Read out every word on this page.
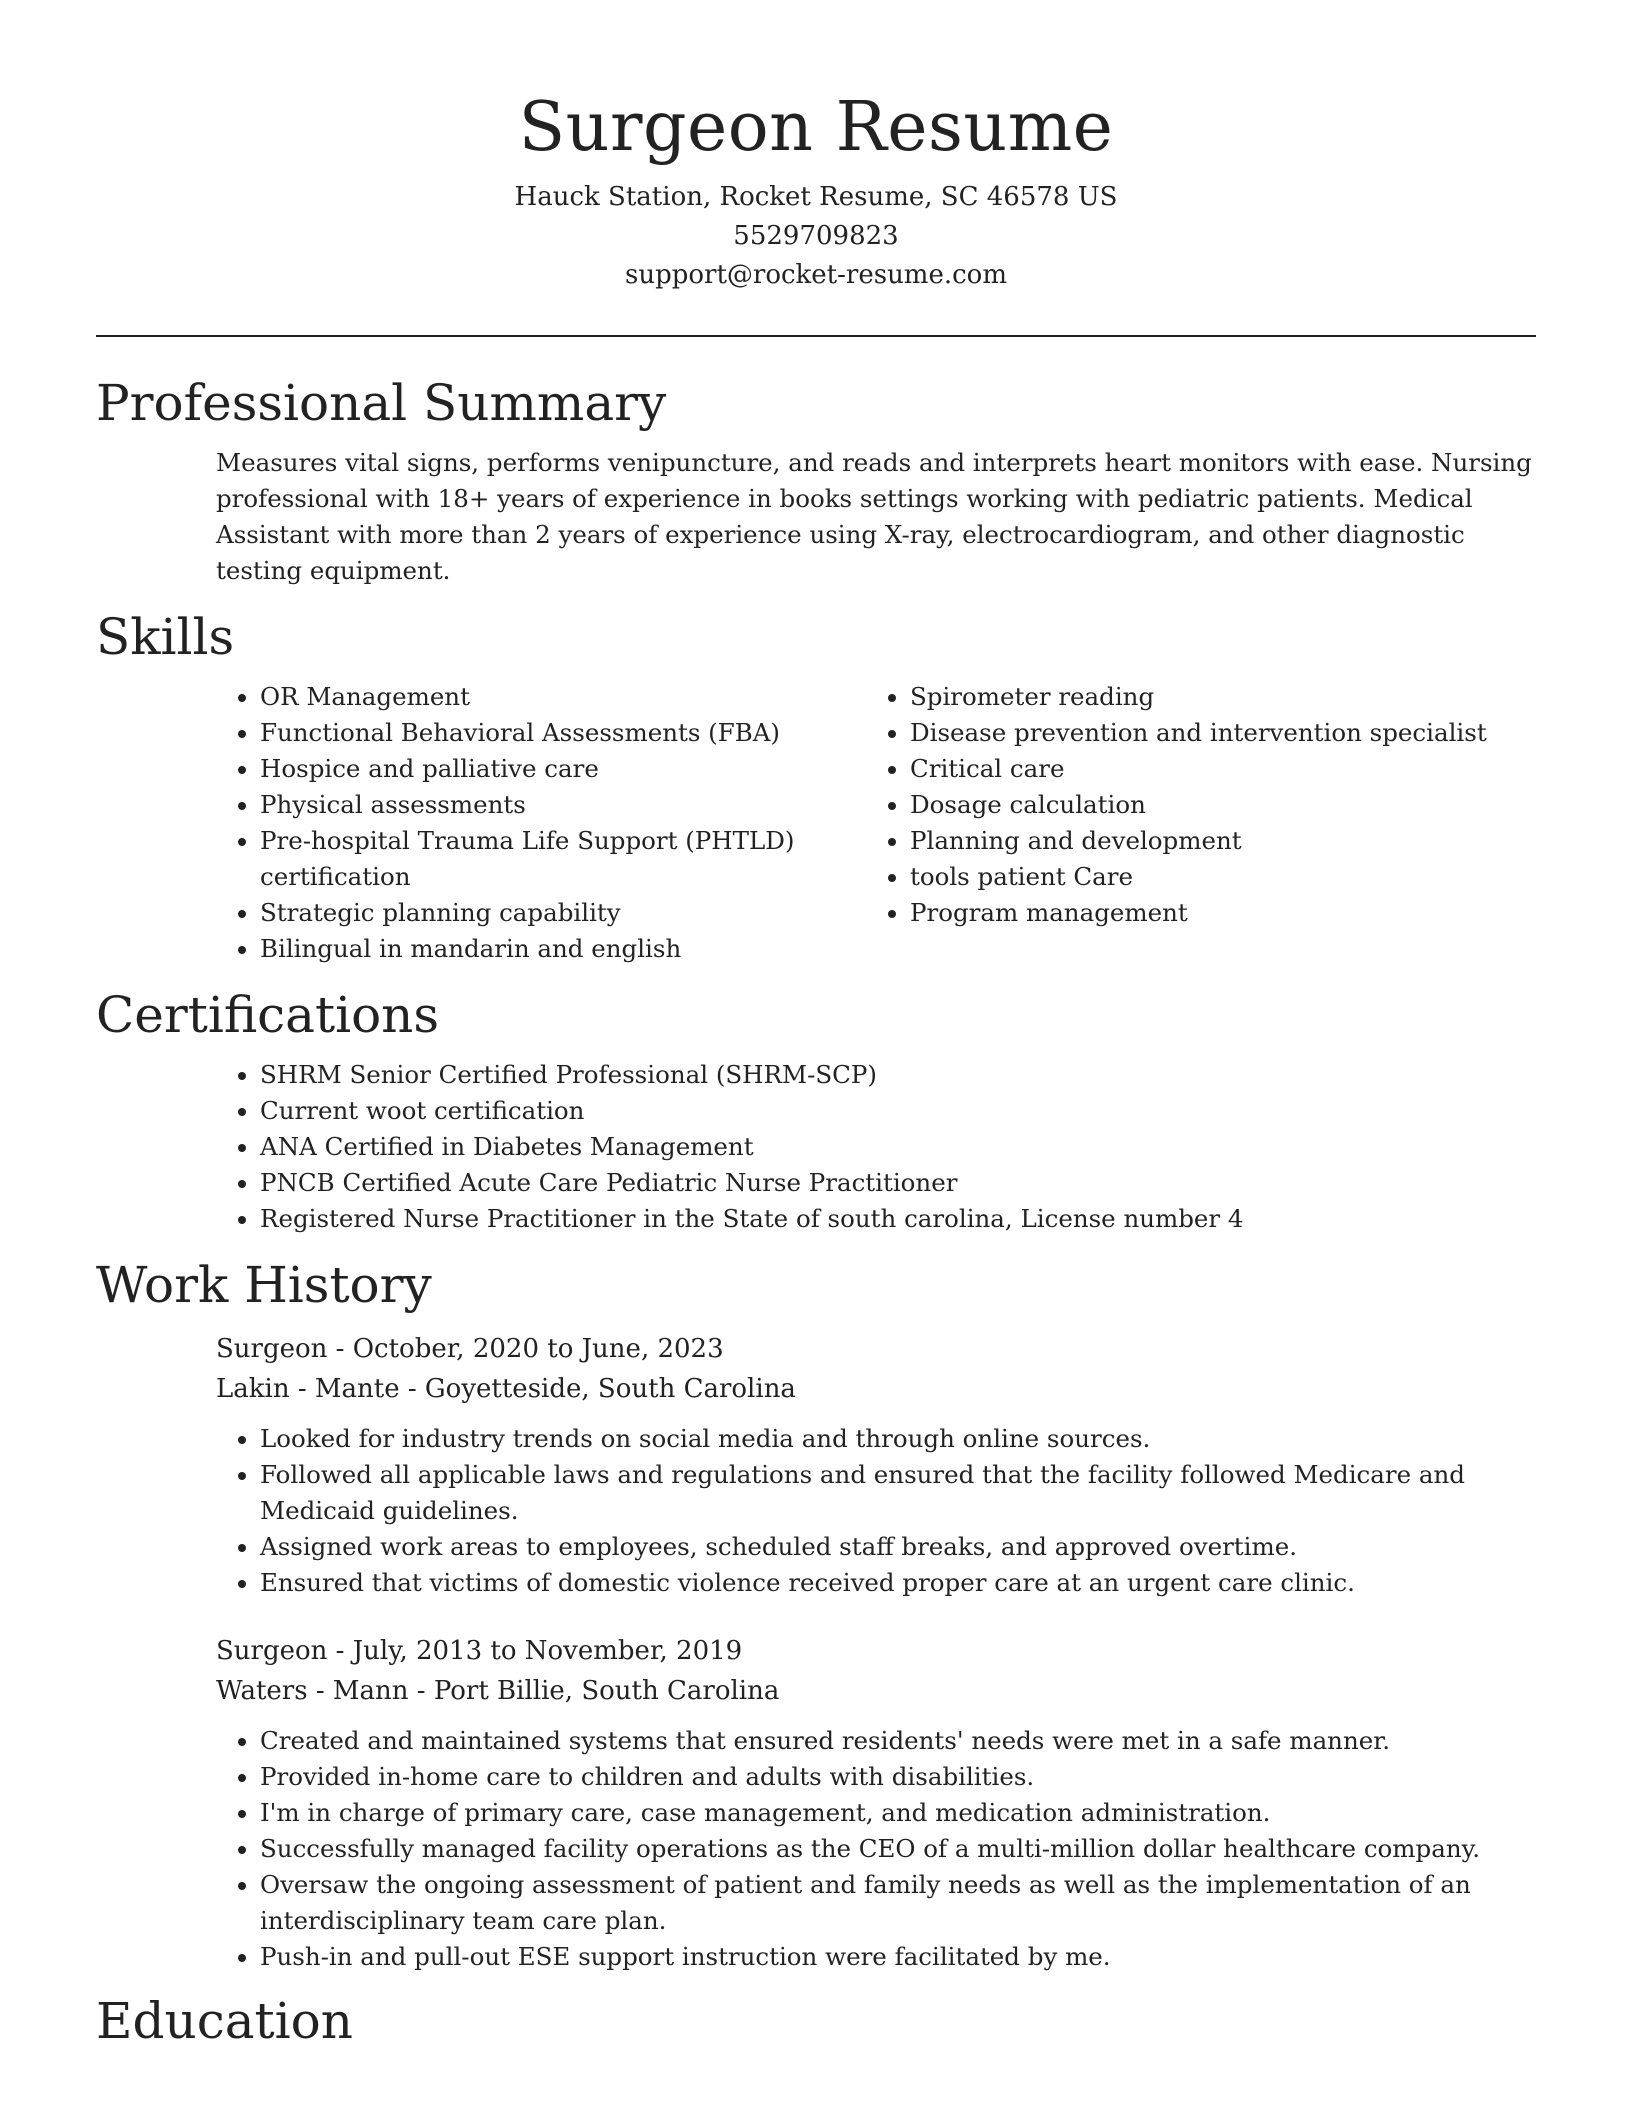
Surgeon Resume

Hauck Station, Rocket Resume, SC 46578 US

5529709823

support@rocket-resume.com

Professional Summary

Measures vital signs, performs venipuncture, and reads and interprets heart monitors with ease. Nursing professional with 18+ years of experience in books settings working with pediatric patients. Medical Assistant with more than 2 years of experience using X-ray, electrocardiogram, and other diagnostic testing equipment.

Skills
• OR Management
• Functional Behavioral Assessments (FBA)
• Hospice and palliative care
• Physical assessments
• Pre-hospital Trauma Life Support (PHTLD) certification
• Strategic planning capability
• Bilingual in mandarin and english
• Spirometer reading
• Disease prevention and intervention specialist
• Critical care
• Dosage calculation
• Planning and development
• tools patient Care
• Program management
Certifications
• SHRM Senior Certified Professional (SHRM-SCP)
• Current woot certification
• ANA Certified in Diabetes Management
• PNCB Certified Acute Care Pediatric Nurse Practitioner
• Registered Nurse Practitioner in the State of south carolina, License number 4
Work History

Surgeon - October, 2020 to June, 2023

Lakin - Mante - Goyetteside, South Carolina

• Looked for industry trends on social media and through online sources.
• Followed all applicable laws and regulations and ensured that the facility followed Medicare and Medicaid guidelines.
• Assigned work areas to employees, scheduled staff breaks, and approved overtime.
• Ensured that victims of domestic violence received proper care at an urgent care clinic.

Surgeon - July, 2013 to November, 2019

Waters - Mann - Port Billie, South Carolina

• Created and maintained systems that ensured residents' needs were met in a safe manner.
• Provided in-home care to children and adults with disabilities.
• I'm in charge of primary care, case management, and medication administration.
• Successfully managed facility operations as the CEO of a multi-million dollar healthcare company.
• Oversaw the ongoing assessment of patient and family needs as well as the implementation of an interdisciplinary team care plan.
• Push-in and pull-out ESE support instruction were facilitated by me.
Education
